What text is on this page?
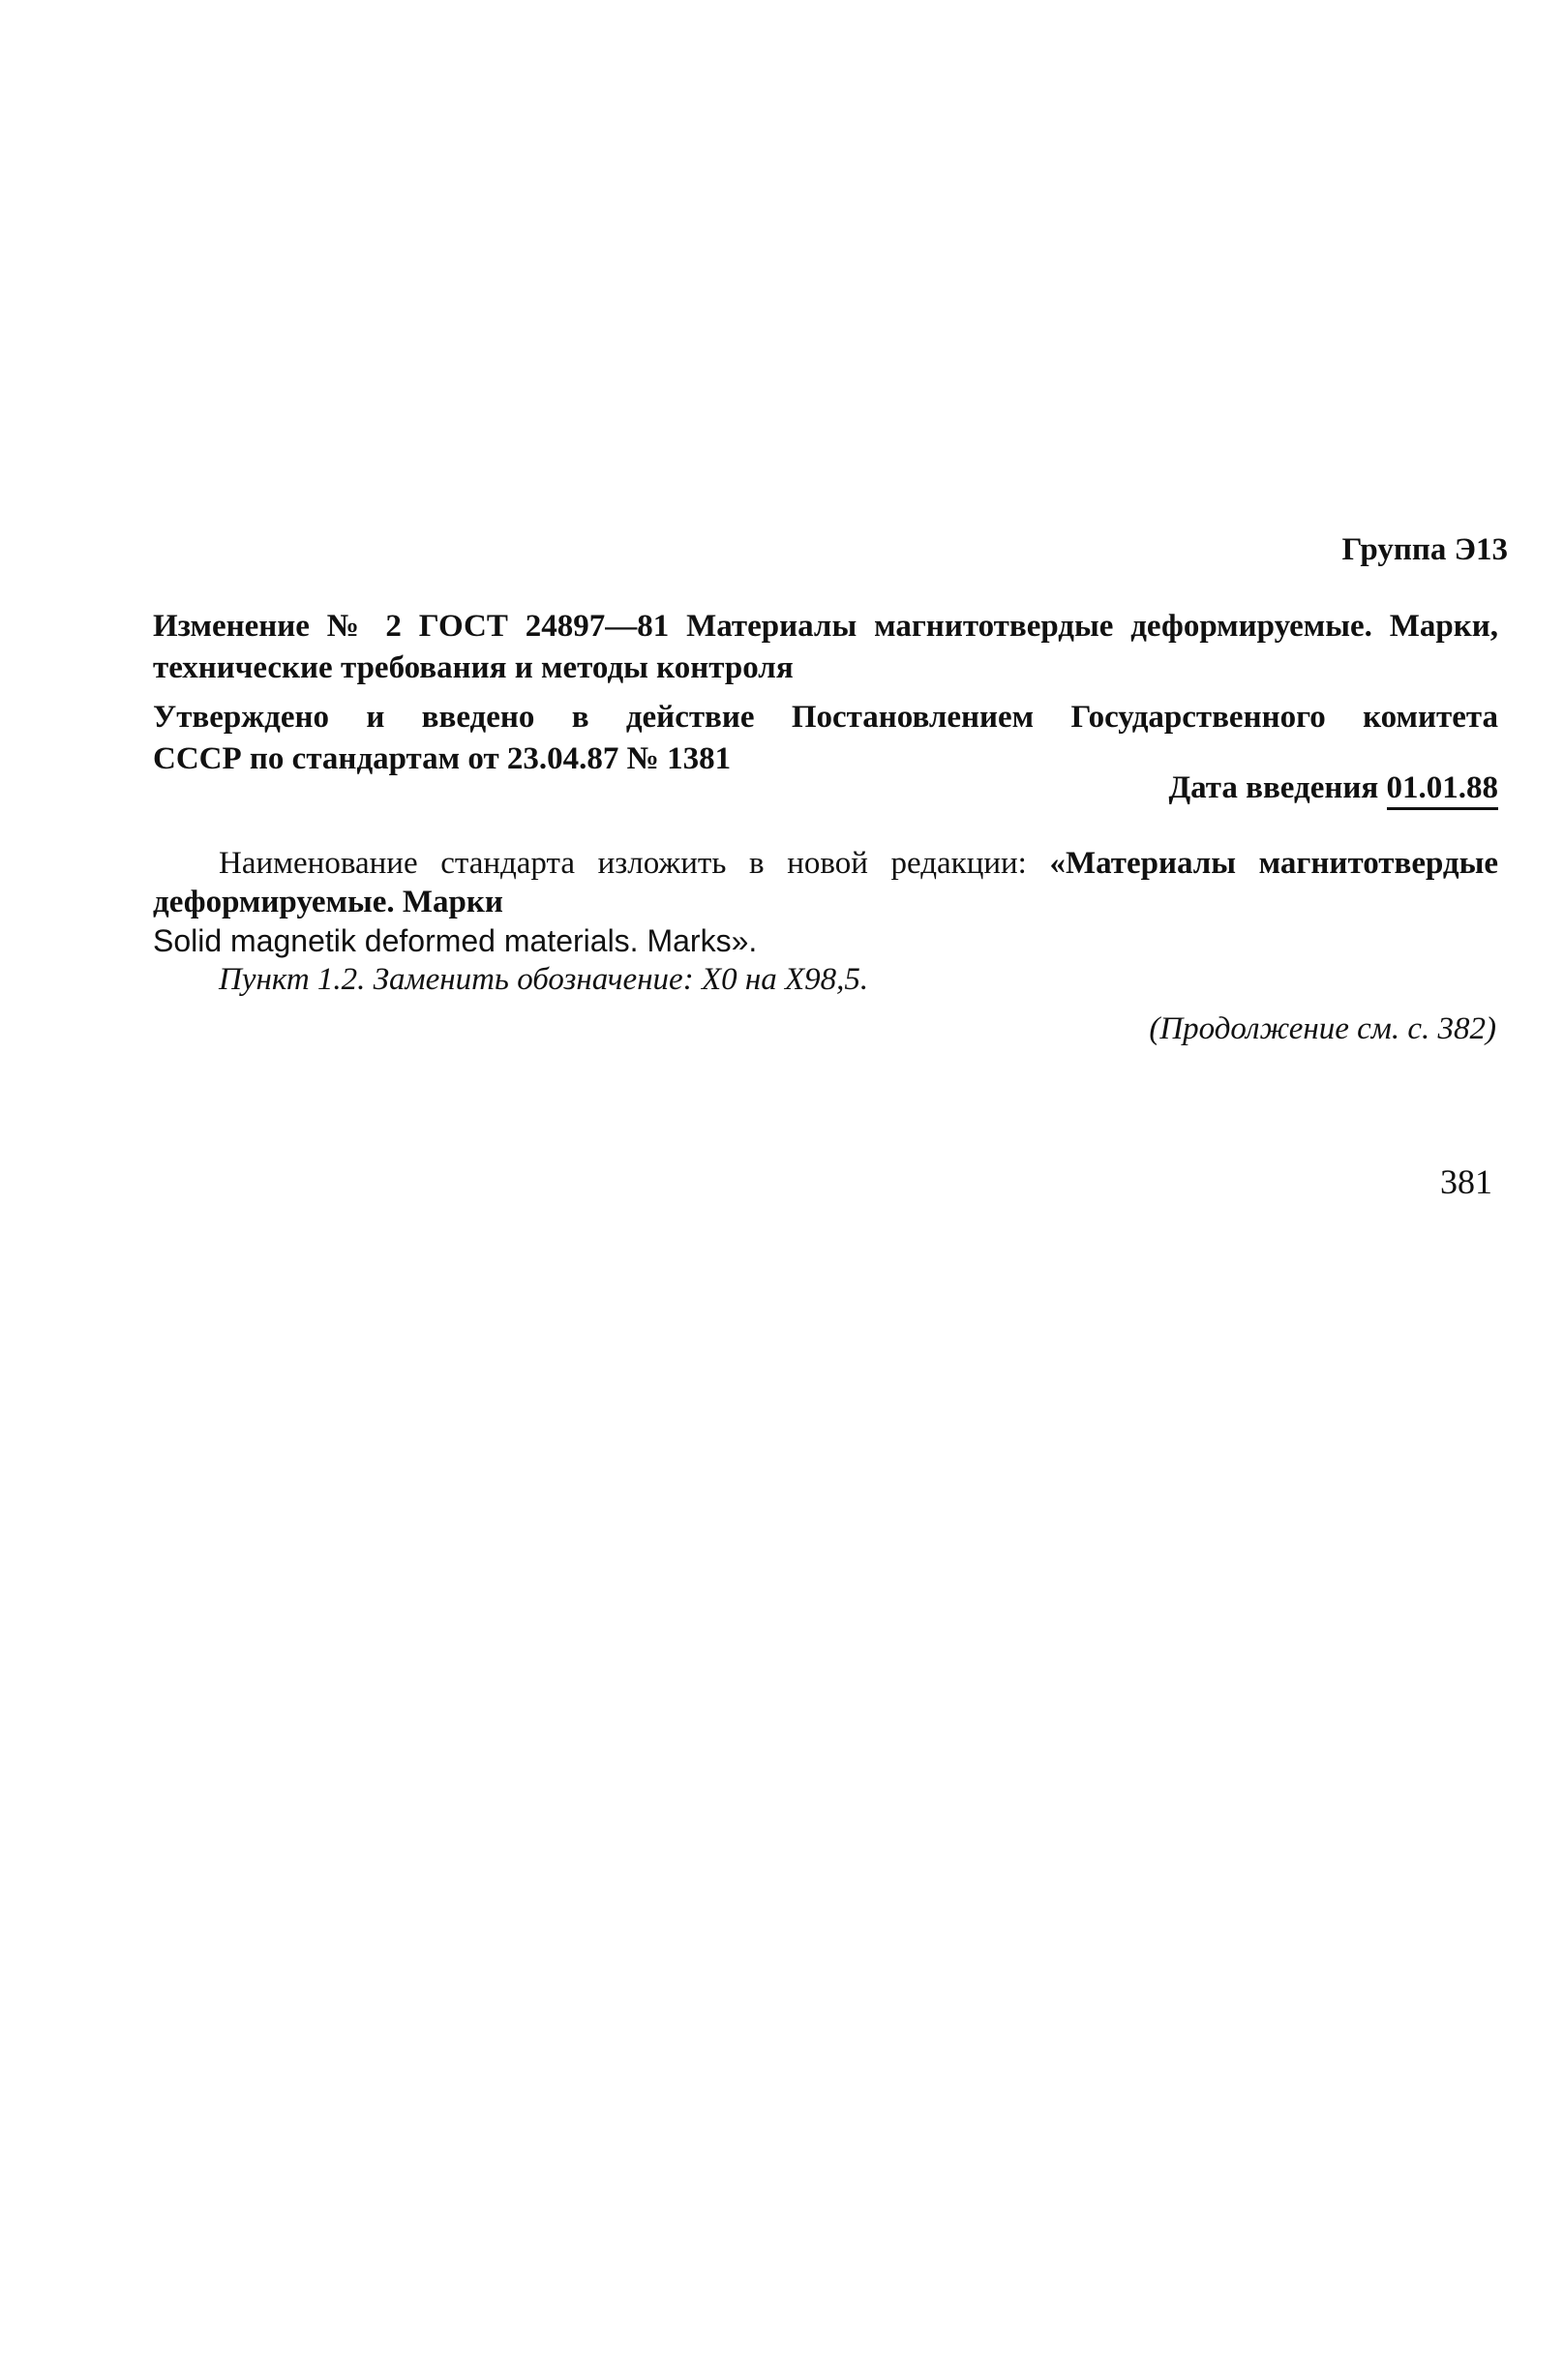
Группа Э13
Изменение № 2 ГОСТ 24897—81 Материалы магнитотвердые деформируемые. Марки, технические требования и методы контроля
Утверждено и введено в действие Постановлением Государственного комитета
СССР по стандартам от 23.04.87 № 1381
Дата введения 01.01.88
Наименование стандарта изложить в новой редакции: «Материалы магнитотвердые деформируемые. Марки
Solid magnetik deformed materials. Marks».
Пункт 1.2. Заменить обозначение: Х0 на Х98,5.
(Продолжение см. с. 382)
381
